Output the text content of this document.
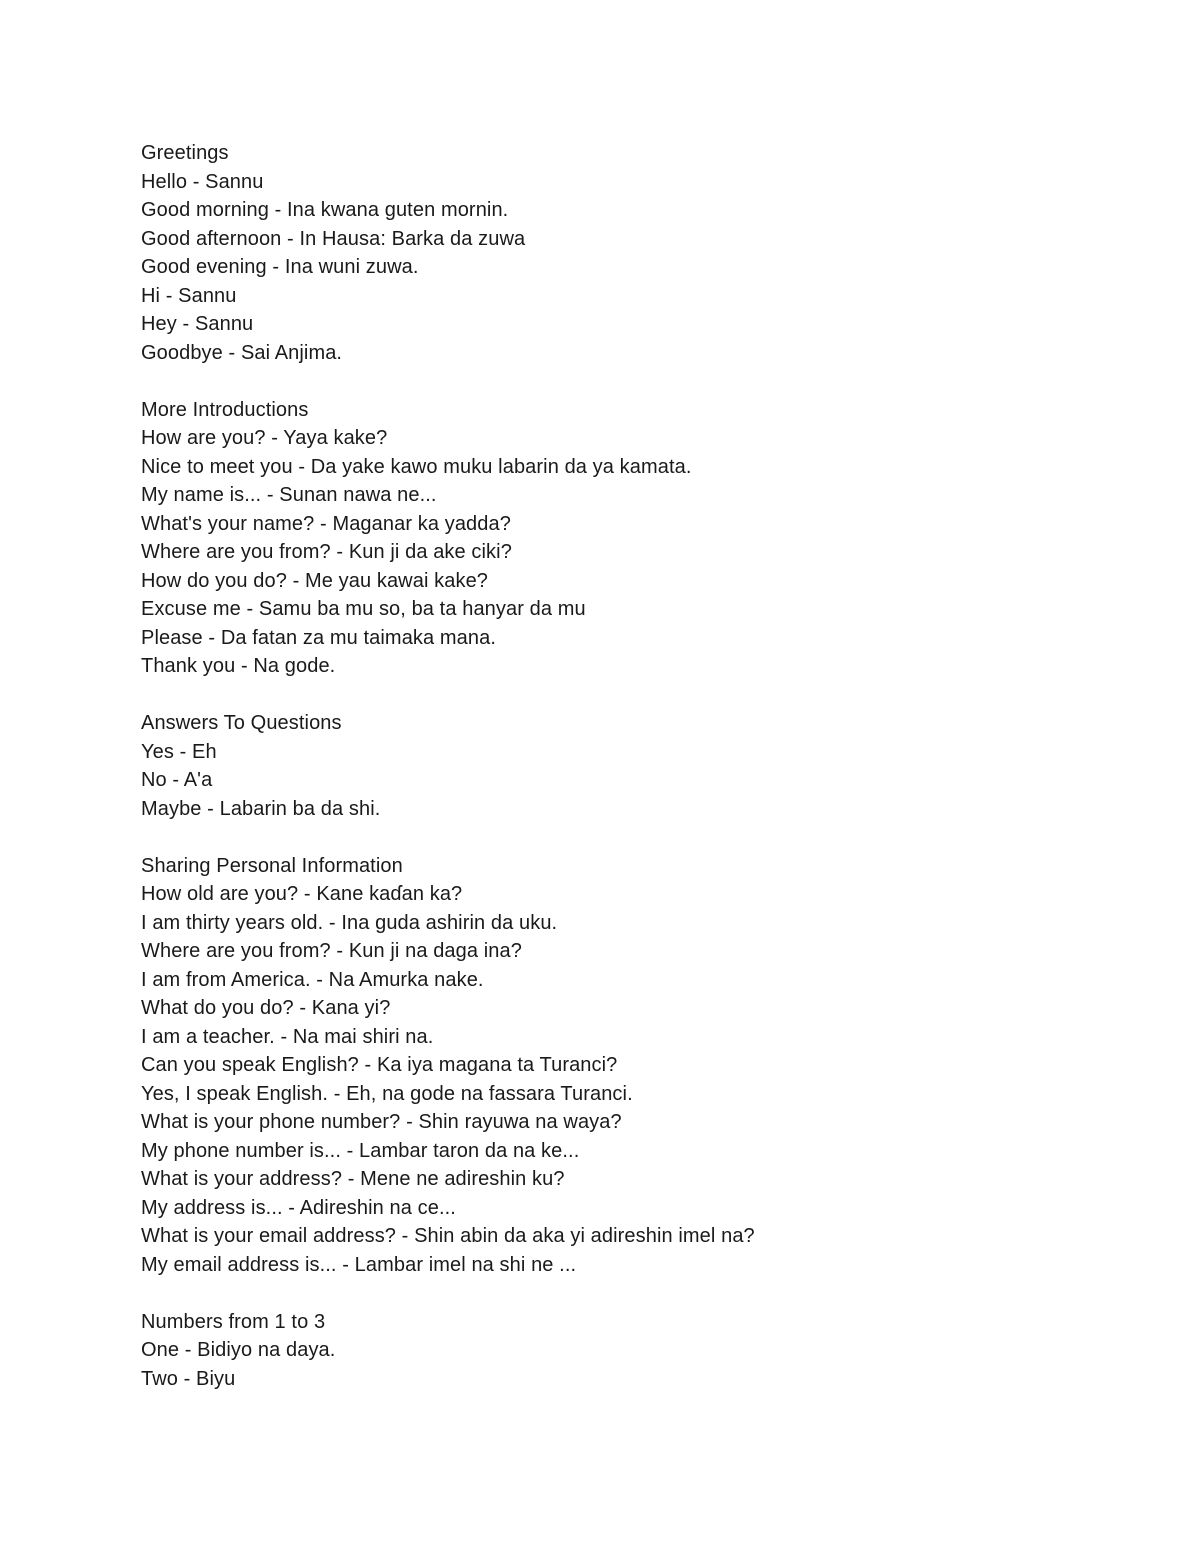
Greetings
Hello - Sannu
Good morning - Ina kwana guten mornin.
Good afternoon - In Hausa: Barka da zuwa
Good evening - Ina wuni zuwa.
Hi - Sannu
Hey - Sannu
Goodbye - Sai Anjima.
More Introductions
How are you? - Yaya kake?
Nice to meet you - Da yake kawo muku labarin da ya kamata.
My name is... - Sunan nawa ne...
What's your name? - Maganar ka yadda?
Where are you from? - Kun ji da ake ciki?
How do you do? - Me yau kawai kake?
Excuse me - Samu ba mu so, ba ta hanyar da mu
Please - Da fatan za mu taimaka mana.
Thank you - Na gode.
Answers To Questions
Yes - Eh
No - A'a
Maybe - Labarin ba da shi.
Sharing Personal Information
How old are you? - Kane kaɗan ka?
I am thirty years old. - Ina guda ashirin da uku.
Where are you from? - Kun ji na daga ina?
I am from America. - Na Amurka nake.
What do you do? - Kana yi?
I am a teacher. - Na mai shiri na.
Can you speak English? - Ka iya magana ta Turanci?
Yes, I speak English. - Eh, na gode na fassara Turanci.
What is your phone number? - Shin rayuwa na waya?
My phone number is... - Lambar taron da na ke...
What is your address? - Mene ne adireshin ku?
My address is... - Adireshin na ce...
What is your email address? - Shin abin da aka yi adireshin imel na?
My email address is... - Lambar imel na shi ne ...
Numbers from 1 to 3
One - Bidiyo na daya.
Two - Biyu
